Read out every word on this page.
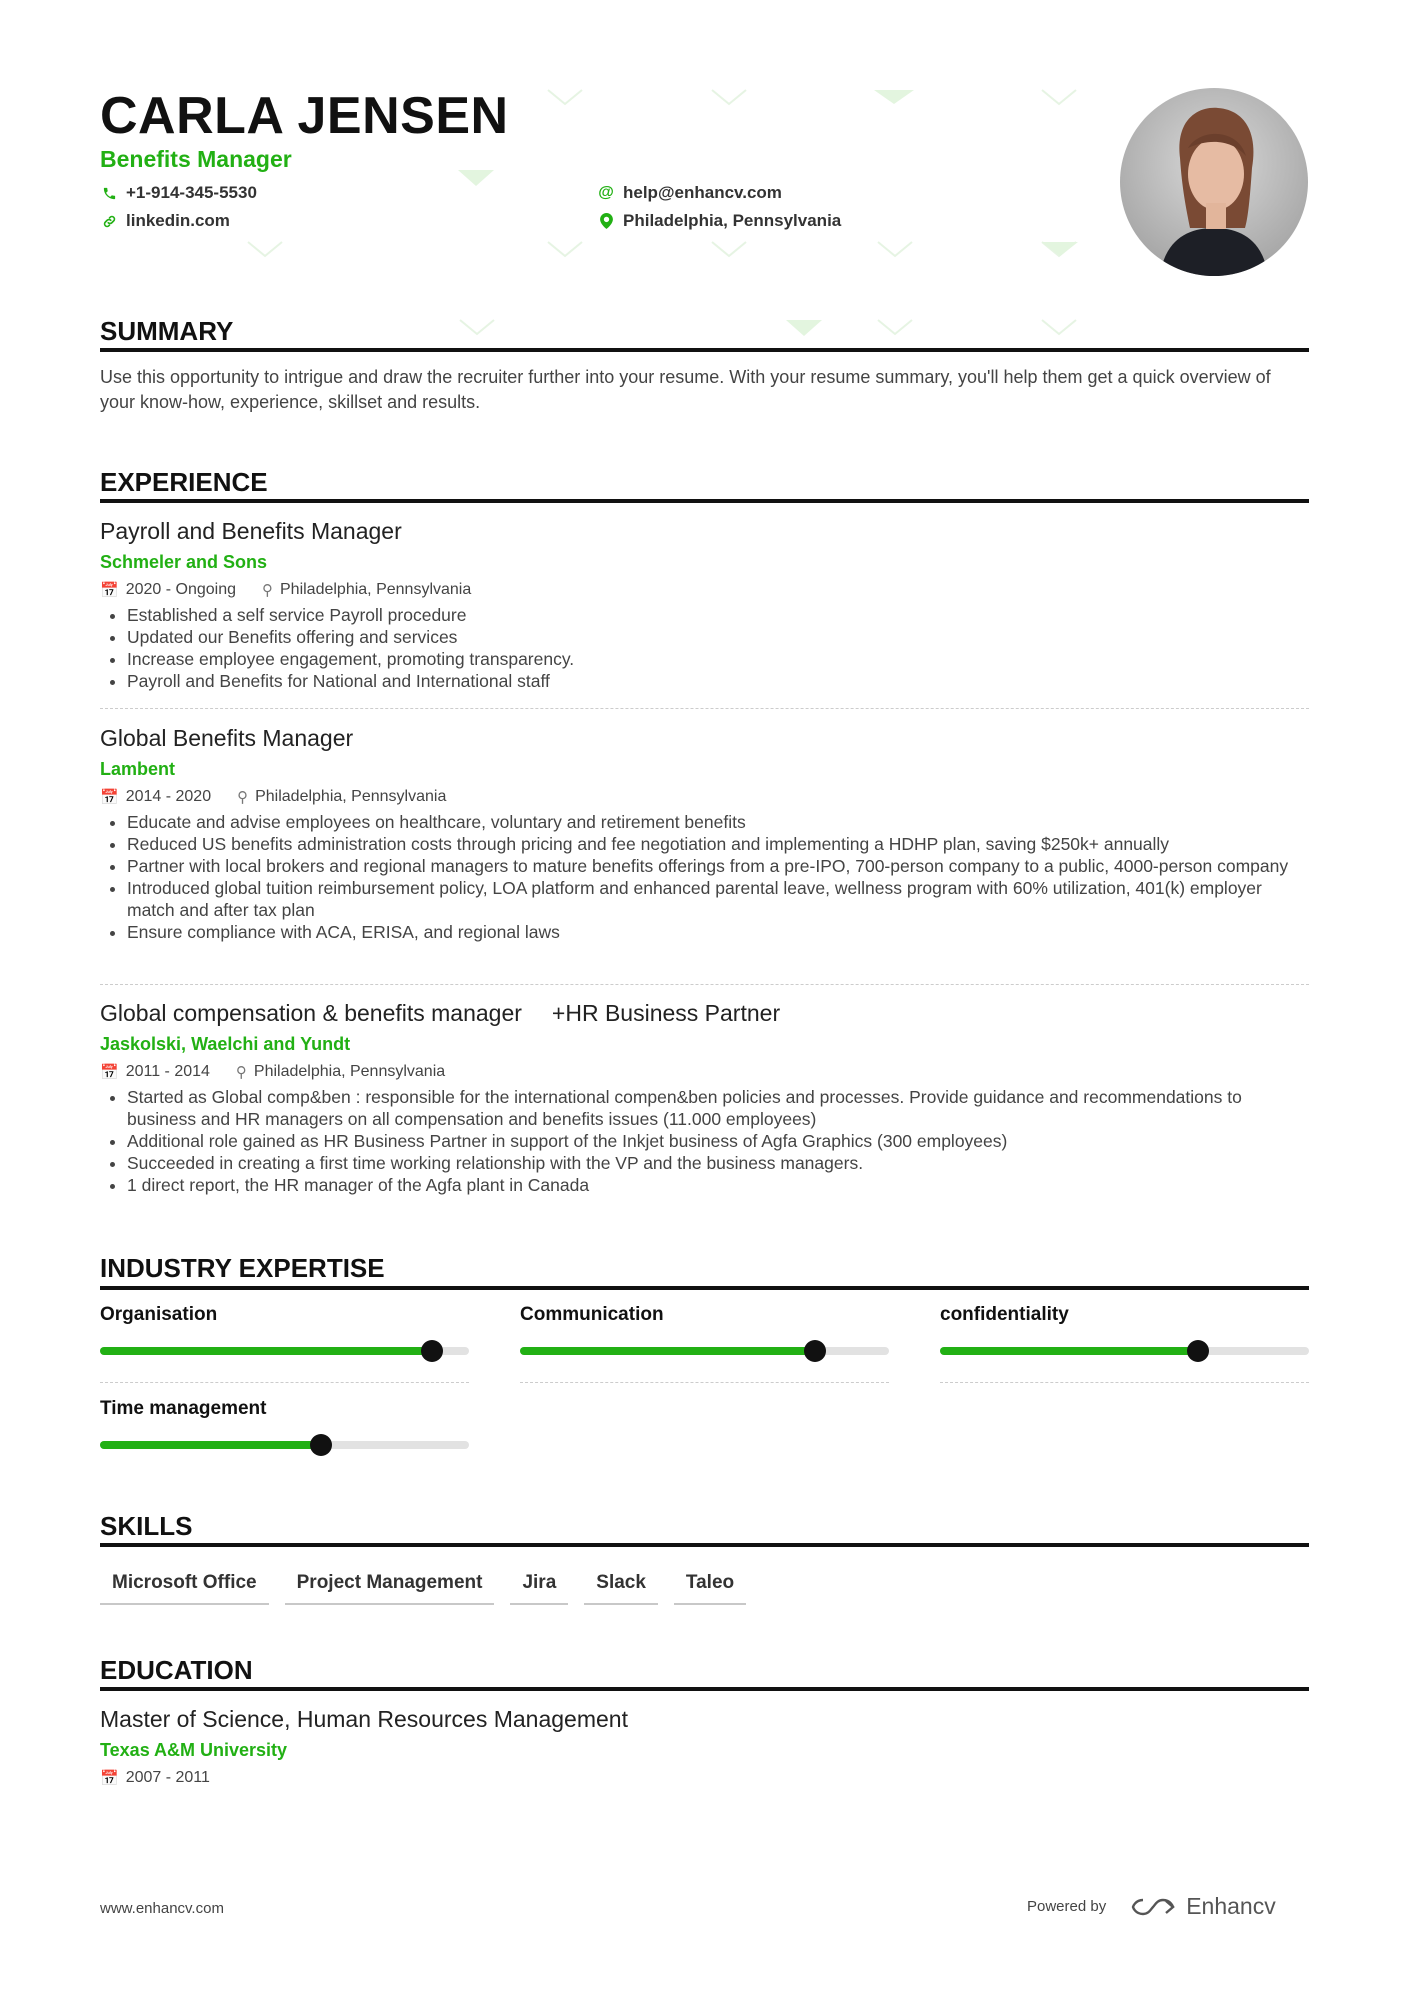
CARLA JENSEN
Benefits Manager
+1-914-345-5530
linkedin.com
@ help@enhancv.com
Philadelphia, Pennsylvania
SUMMARY
Use this opportunity to intrigue and draw the recruiter further into your resume. With your resume summary, you'll help them get a quick overview of your know-how, experience, skillset and results.
EXPERIENCE
Payroll and Benefits Manager
Schmeler and Sons
📅 2020 - Ongoing ⚲ Philadelphia, Pennsylvania
• Established a self service Payroll procedure
• Updated our Benefits offering and services
• Increase employee engagement, promoting transparency.
• Payroll and Benefits for National and International staff
Global Benefits Manager
Lambent
📅 2014 - 2020 ⚲ Philadelphia, Pennsylvania
• Educate and advise employees on healthcare, voluntary and retirement benefits
• Reduced US benefits administration costs through pricing and fee negotiation and implementing a HDHP plan, saving $250k+ annually
• Partner with local brokers and regional managers to mature benefits offerings from a pre-IPO, 700-person company to a public, 4000-person company
• Introduced global tuition reimbursement policy, LOA platform and enhanced parental leave, wellness program with 60% utilization, 401(k) employer match and after tax plan
• Ensure compliance with ACA, ERISA, and regional laws
Global compensation & benefits manager +HR Business Partner
Jaskolski, Waelchi and Yundt
📅 2011 - 2014 ⚲ Philadelphia, Pennsylvania
• Started as Global comp&ben : responsible for the international compen&ben policies and processes. Provide guidance and recommendations to business and HR managers on all compensation and benefits issues (11.000 employees)
• Additional role gained as HR Business Partner in support of the Inkjet business of Agfa Graphics (300 employees)
• Succeeded in creating a first time working relationship with the VP and the business managers.
• 1 direct report, the HR manager of the Agfa plant in Canada
INDUSTRY EXPERTISE
Organisation	Communication	confidentiality
Time management
SKILLS
Microsoft Office	Project Management	Jira	Slack	Taleo
EDUCATION
Master of Science, Human Resources Management
Texas A&M University
📅 2007 - 2011
www.enhancv.com	Powered by	Enhancv
